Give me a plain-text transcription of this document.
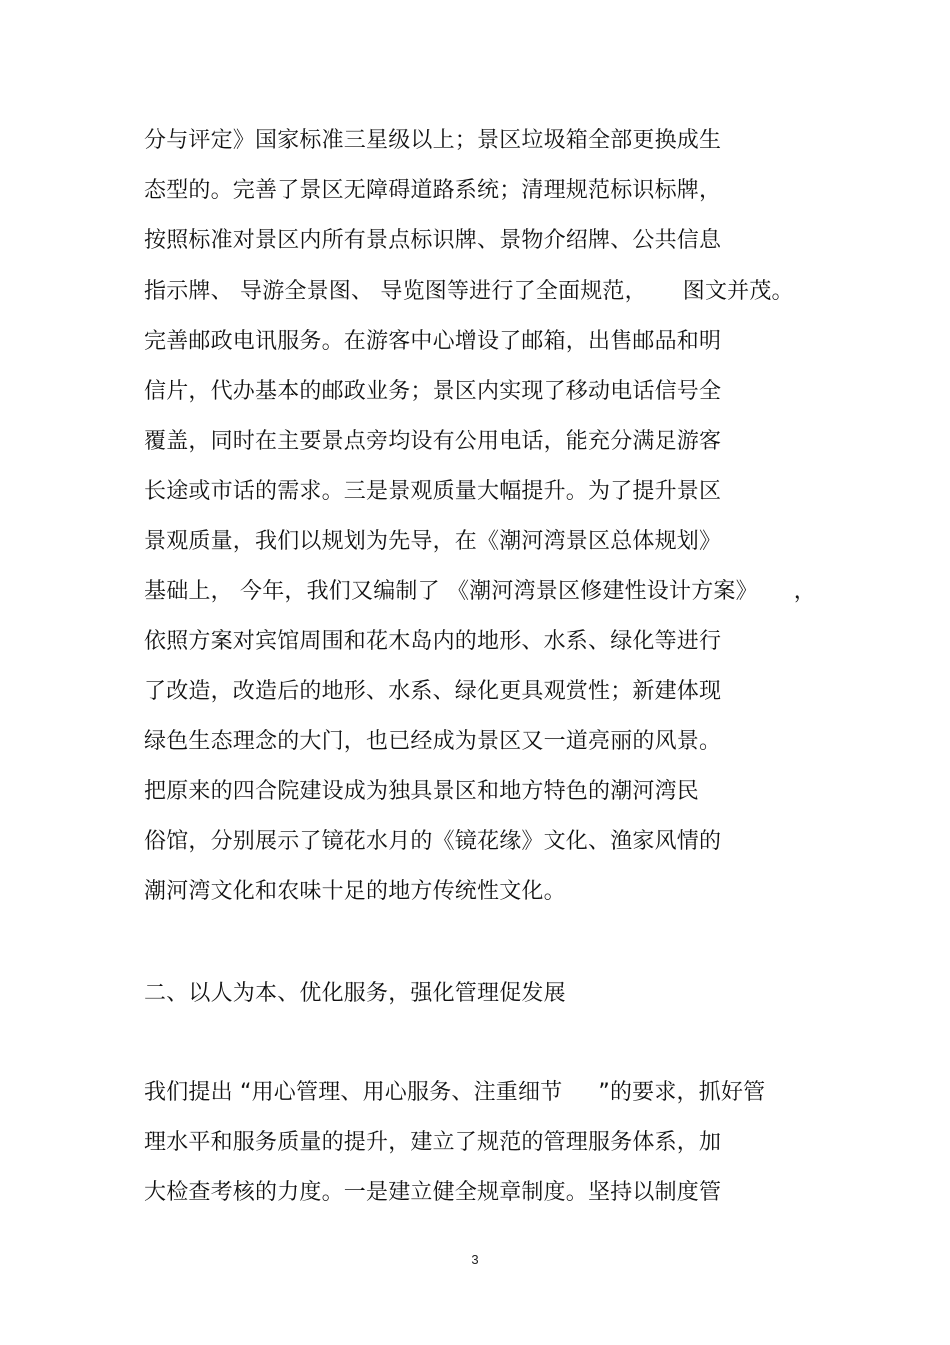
分与评定》国家标准三星级以上；景区垃圾箱全部更换成生
态型的。完善了景区无障碍道路系统；清理规范标识标牌，
按照标准对景区内所有景点标识牌、景物介绍牌、公共信息
指示牌、 导游全景图、 导览图等进行了全面规范，     图文并茂。
完善邮政电讯服务。在游客中心增设了邮箱，出售邮品和明
信片，代办基本的邮政业务；景区内实现了移动电话信号全
覆盖，同时在主要景点旁均设有公用电话，能充分满足游客
长途或市话的需求。三是景观质量大幅提升。为了提升景区
景观质量，我们以规划为先导，在《潮河湾景区总体规划》
基础上， 今年，我们又编制了 《潮河湾景区修建性设计方案》     ，
依照方案对宾馆周围和花木岛内的地形、水系、绿化等进行
了改造，改造后的地形、水系、绿化更具观赏性；新建体现
绿色生态理念的大门，也已经成为景区又一道亮丽的风景。
把原来的四合院建设成为独具景区和地方特色的潮河湾民
俗馆，分别展示了镜花水月的《镜花缘》文化、渔家风情的
潮河湾文化和农味十足的地方传统性文化。
二、以人为本、优化服务，强化管理促发展
我们提出 “用心管理、用心服务、注重细节     ”的要求，抓好管
理水平和服务质量的提升，建立了规范的管理服务体系，加
大检查考核的力度。一是建立健全规章制度。坚持以制度管
3
